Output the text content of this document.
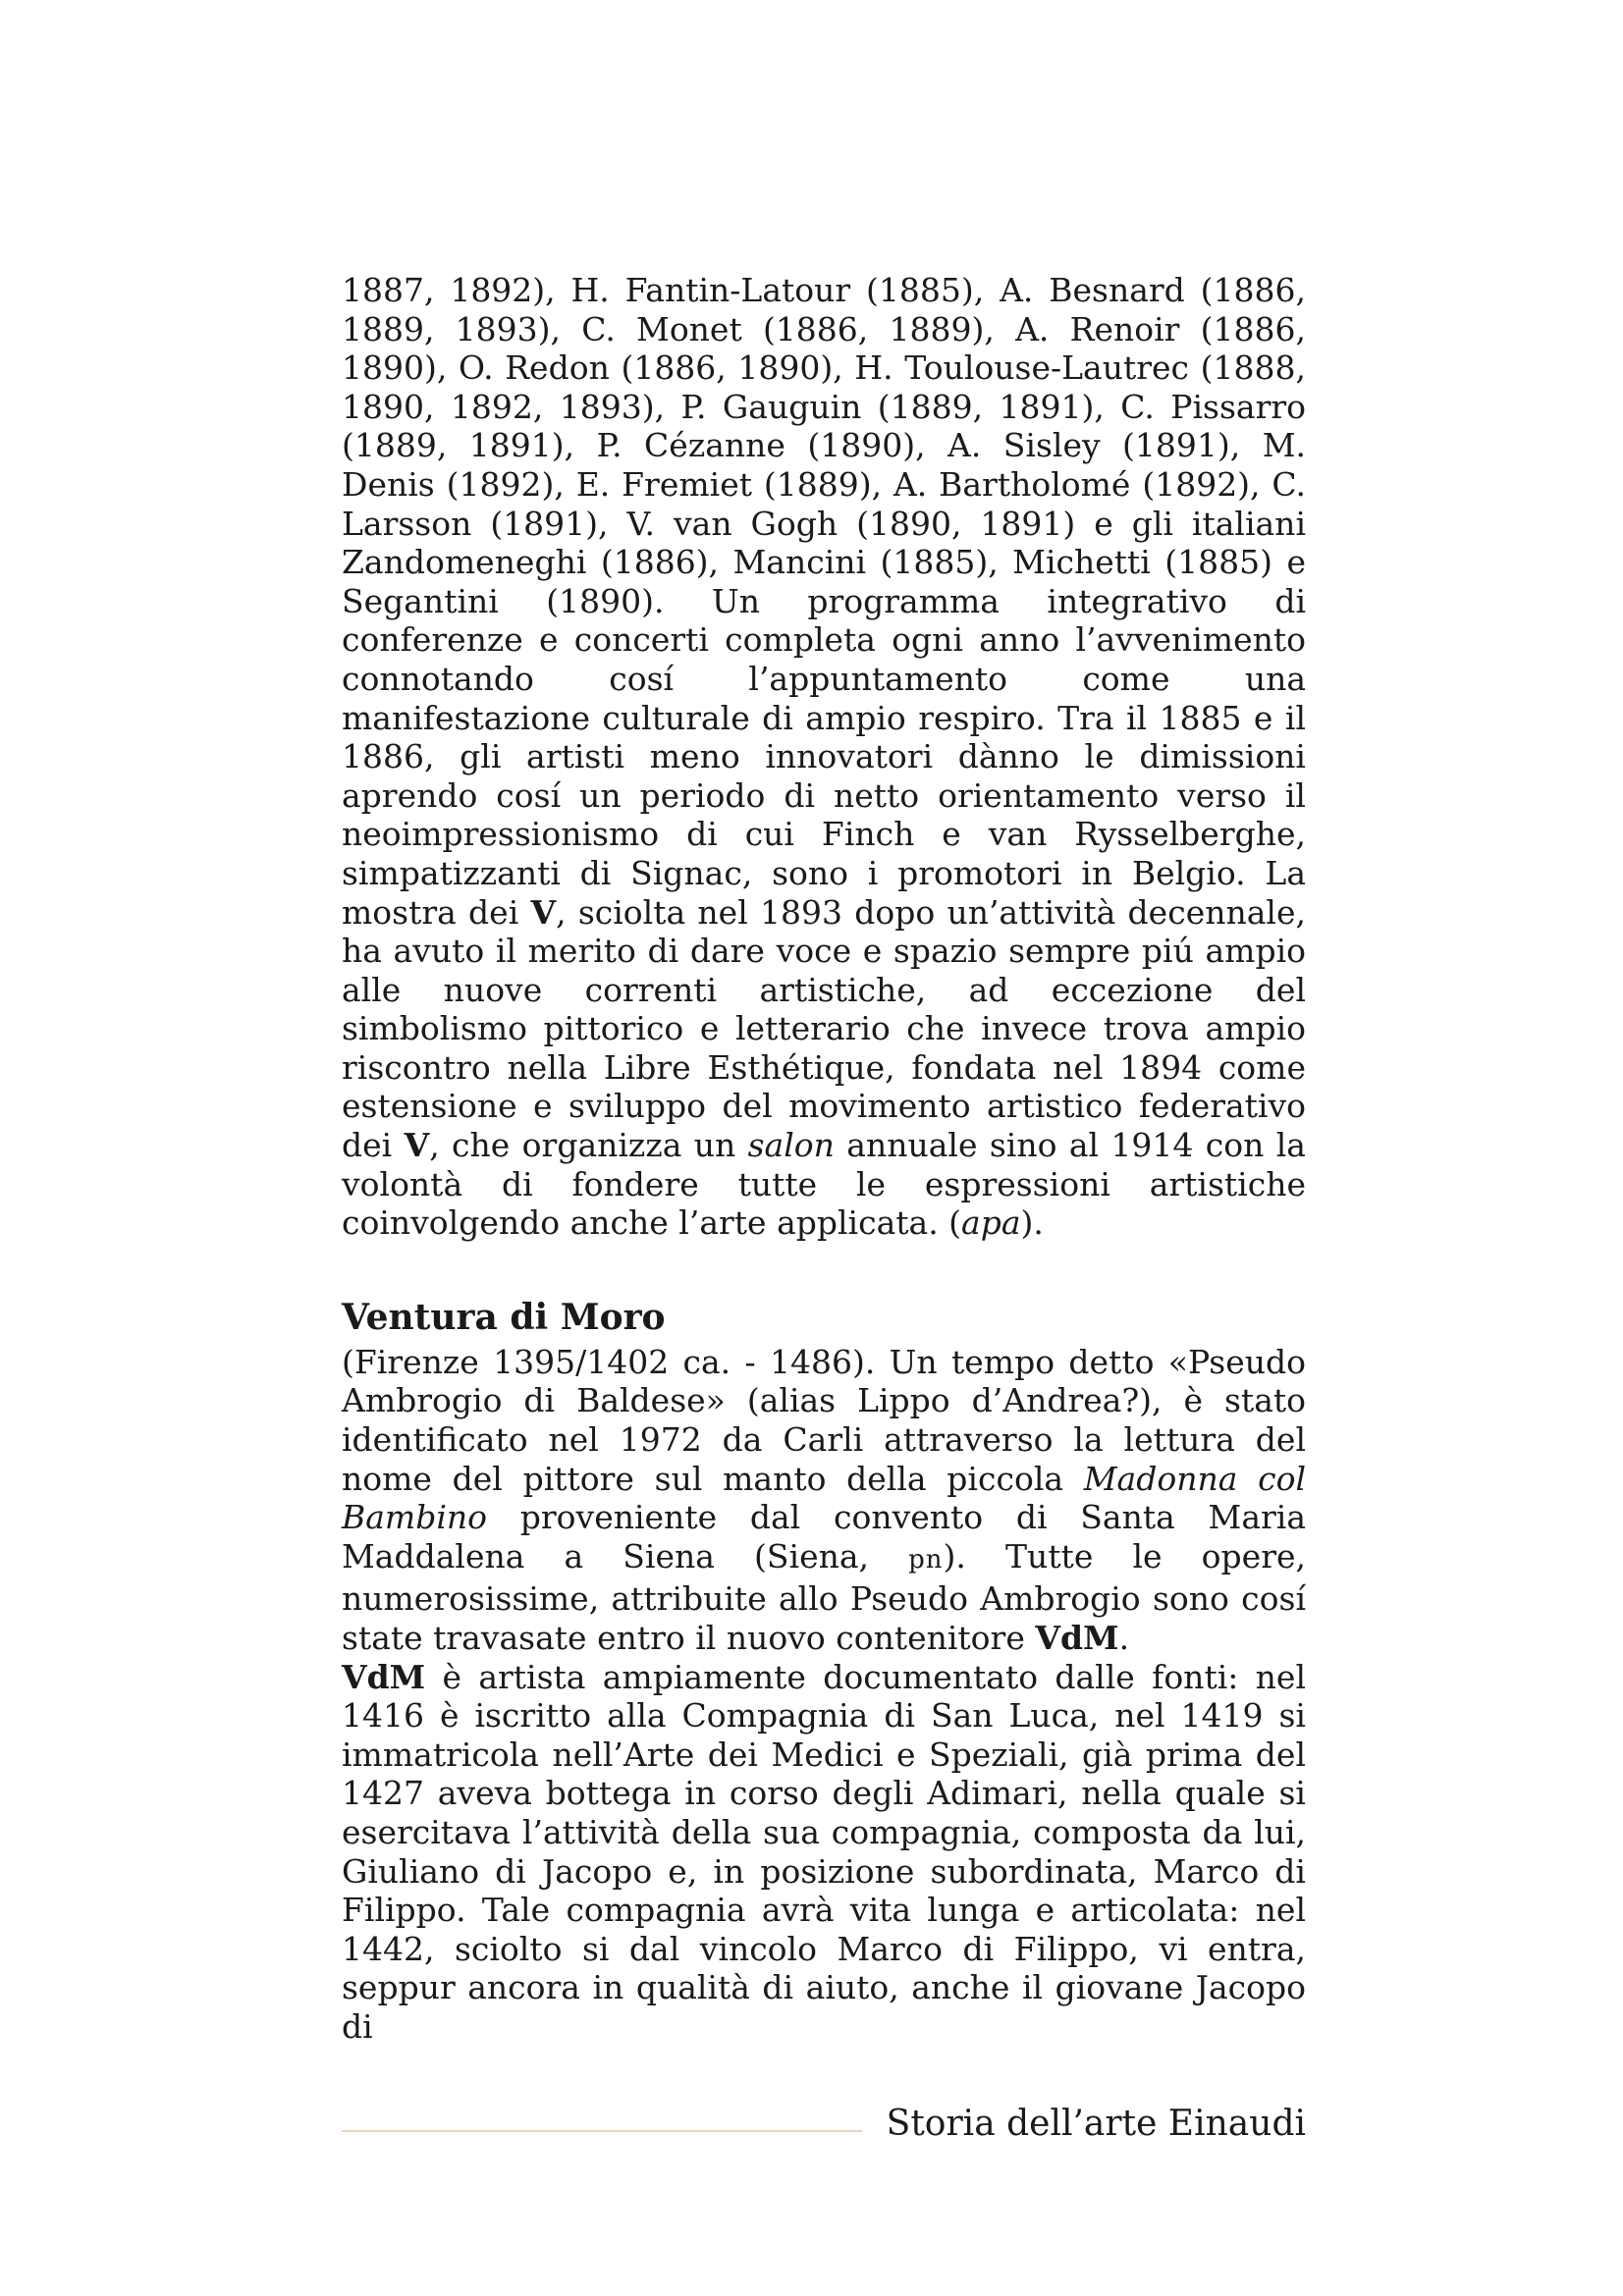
1887, 1892), H. Fantin-Latour (1885), A. Besnard (1886, 1889, 1893), C. Monet (1886, 1889), A. Renoir (1886, 1890), O. Redon (1886, 1890), H. Toulouse-Lautrec (1888, 1890, 1892, 1893), P. Gauguin (1889, 1891), C. Pissarro (1889, 1891), P. Cézanne (1890), A. Sisley (1891), M. Denis (1892), E. Fremiet (1889), A. Bartholomé (1892), C. Larsson (1891), V. van Gogh (1890, 1891) e gli italiani Zandomeneghi (1886), Mancini (1885), Michetti (1885) e Segantini (1890). Un programma integrativo di conferenze e concerti completa ogni anno l’avvenimento connotando cosí l’appuntamento come una manifestazione culturale di ampio respiro. Tra il 1885 e il 1886, gli artisti meno innovatori dànno le dimissioni aprendo cosí un periodo di netto orientamento verso il neoimpressionismo di cui Finch e van Rysselberghe, simpatizzanti di Signac, sono i promotori in Belgio. La mostra dei V, sciolta nel 1893 dopo un’attività decennale, ha avuto il merito di dare voce e spazio sempre piú ampio alle nuove correnti artistiche, ad eccezione del simbolismo pittorico e letterario che invece trova ampio riscontro nella Libre Esthétique, fondata nel 1894 come estensione e sviluppo del movimento artistico federativo dei V, che organizza un salon annuale sino al 1914 con la volontà di fondere tutte le espressioni artistiche coinvolgendo anche l’arte applicata. (apa).

Ventura di Moro

(Firenze 1395/1402 ca. - 1486). Un tempo detto «Pseudo Ambrogio di Baldese» (alias Lippo d’Andrea?), è stato identificato nel 1972 da Carli attraverso la lettura del nome del pittore sul manto della piccola Madonna col Bambino proveniente dal convento di Santa Maria Maddalena a Siena (Siena, pn). Tutte le opere, numerosissime, attribuite allo Pseudo Ambrogio sono cosí state travasate entro il nuovo contenitore VdM.

VdM è artista ampiamente documentato dalle fonti: nel 1416 è iscritto alla Compagnia di San Luca, nel 1419 si immatricola nell’Arte dei Medici e Speziali, già prima del 1427 aveva bottega in corso degli Adimari, nella quale si esercitava l’attività della sua compagnia, composta da lui, Giuliano di Jacopo e, in posizione subordinata, Marco di Filippo. Tale compagnia avrà vita lunga e articolata: nel 1442, sciolto si dal vincolo Marco di Filippo, vi entra, seppur ancora in qualità di aiuto, anche il giovane Jacopo di

Storia dell’arte Einaudi
